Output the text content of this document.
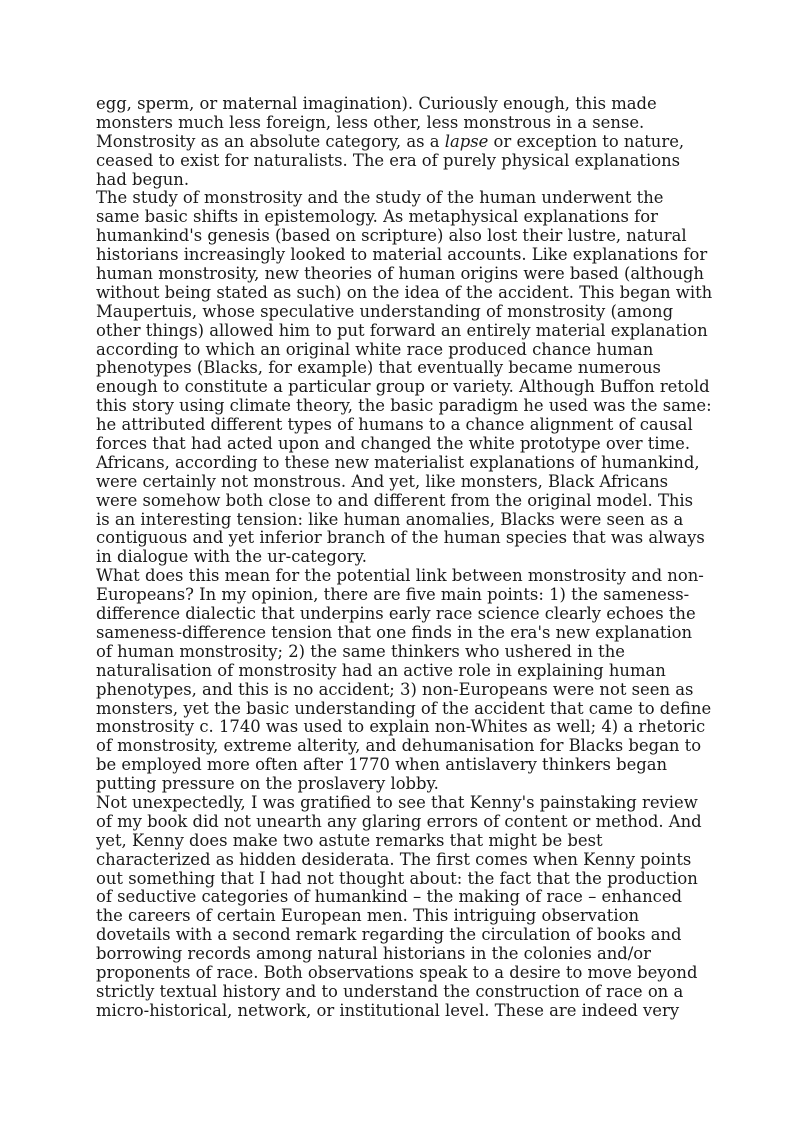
egg, sperm, or maternal imagination). Curiously enough, this made
monsters much less foreign, less other, less monstrous in a sense.
Monstrosity as an absolute category, as a lapse or exception to nature,
ceased to exist for naturalists. The era of purely physical explanations
had begun.
The study of monstrosity and the study of the human underwent the
same basic shifts in epistemology. As metaphysical explanations for
humankind's genesis (based on scripture) also lost their lustre, natural
historians increasingly looked to material accounts. Like explanations for
human monstrosity, new theories of human origins were based (although
without being stated as such) on the idea of the accident. This began with
Maupertuis, whose speculative understanding of monstrosity (among
other things) allowed him to put forward an entirely material explanation
according to which an original white race produced chance human
phenotypes (Blacks, for example) that eventually became numerous
enough to constitute a particular group or variety. Although Buffon retold
this story using climate theory, the basic paradigm he used was the same:
he attributed different types of humans to a chance alignment of causal
forces that had acted upon and changed the white prototype over time.
Africans, according to these new materialist explanations of humankind,
were certainly not monstrous. And yet, like monsters, Black Africans
were somehow both close to and different from the original model. This
is an interesting tension: like human anomalies, Blacks were seen as a
contiguous and yet inferior branch of the human species that was always
in dialogue with the ur-category.
What does this mean for the potential link between monstrosity and non-
Europeans? In my opinion, there are five main points: 1) the sameness-
difference dialectic that underpins early race science clearly echoes the
sameness-difference tension that one finds in the era's new explanation
of human monstrosity; 2) the same thinkers who ushered in the
naturalisation of monstrosity had an active role in explaining human
phenotypes, and this is no accident; 3) non-Europeans were not seen as
monsters, yet the basic understanding of the accident that came to define
monstrosity c. 1740 was used to explain non-Whites as well; 4) a rhetoric
of monstrosity, extreme alterity, and dehumanisation for Blacks began to
be employed more often after 1770 when antislavery thinkers began
putting pressure on the proslavery lobby.
Not unexpectedly, I was gratified to see that Kenny's painstaking review
of my book did not unearth any glaring errors of content or method. And
yet, Kenny does make two astute remarks that might be best
characterized as hidden desiderata. The first comes when Kenny points
out something that I had not thought about: the fact that the production
of seductive categories of humankind – the making of race – enhanced
the careers of certain European men. This intriguing observation
dovetails with a second remark regarding the circulation of books and
borrowing records among natural historians in the colonies and/or
proponents of race. Both observations speak to a desire to move beyond
strictly textual history and to understand the construction of race on a
micro-historical, network, or institutional level. These are indeed very
